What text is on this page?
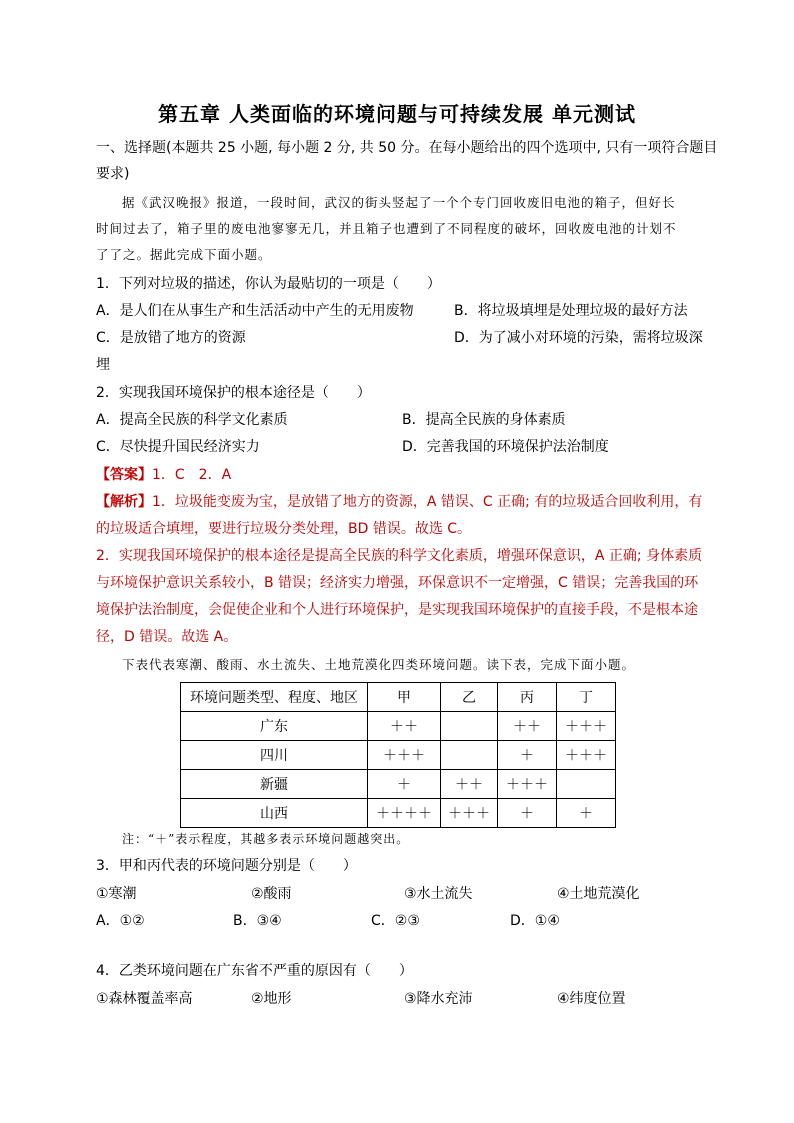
第五章 人类面临的环境问题与可持续发展 单元测试
一、选择题(本题共 25 小题, 每小题 2 分, 共 50 分。在每小题给出的四个选项中, 只有一项符合题目
要求)
据《武汉晚报》报道，一段时间，武汉的街头竖起了一个个专门回收废旧电池的箱子，但好长
时间过去了，箱子里的废电池寥寥无几，并且箱子也遭到了不同程度的破坏，回收废电池的计划不
了了之。据此完成下面小题。
1．下列对垃圾的描述，你认为最贴切的一项是（　　）
A．是人们在从事生产和生活活动中产生的无用废物	B．将垃圾填埋是处理垃圾的最好方法
C．是放错了地方的资源	D．为了减小对环境的污染，需将垃圾深
埋
2．实现我国环境保护的根本途径是（　　）
A．提高全民族的科学文化素质	B．提高全民族的身体素质
C．尽快提升国民经济实力	D．完善我国的环境保护法治制度
【答案】1．C　2．A
【解析】1．垃圾能变废为宝，是放错了地方的资源，A 错误、C 正确; 有的垃圾适合回收利用，有
的垃圾适合填埋，要进行垃圾分类处理，BD 错误。故选 C。
2．实现我国环境保护的根本途径是提高全民族的科学文化素质，增强环保意识，A 正确; 身体素质
与环境保护意识关系较小，B 错误；经济实力增强，环保意识不一定增强，C 错误；完善我国的环
境保护法治制度，会促使企业和个人进行环境保护，是实现我国环境保护的直接手段，不是根本途
径，D 错误。故选 A。
下表代表寒潮、酸雨、水土流失、土地荒漠化四类环境问题。读下表，完成下面小题。
环境问题类型、程度、地区	甲	乙	丙	丁
广东	＋＋		＋＋	＋＋＋
四川	＋＋＋		＋	＋＋＋
新疆	＋	＋＋	＋＋＋	
山西	＋＋＋＋	＋＋＋	＋	＋
注：“＋”表示程度，其越多表示环境问题越突出。
3．甲和丙代表的环境问题分别是（　　）
①寒潮	②酸雨	③水土流失	④土地荒漠化
A．①②	B．③④	C．②③	D．①④
4．乙类环境问题在广东省不严重的原因有（　　）
①森林覆盖率高	②地形	③降水充沛	④纬度位置
